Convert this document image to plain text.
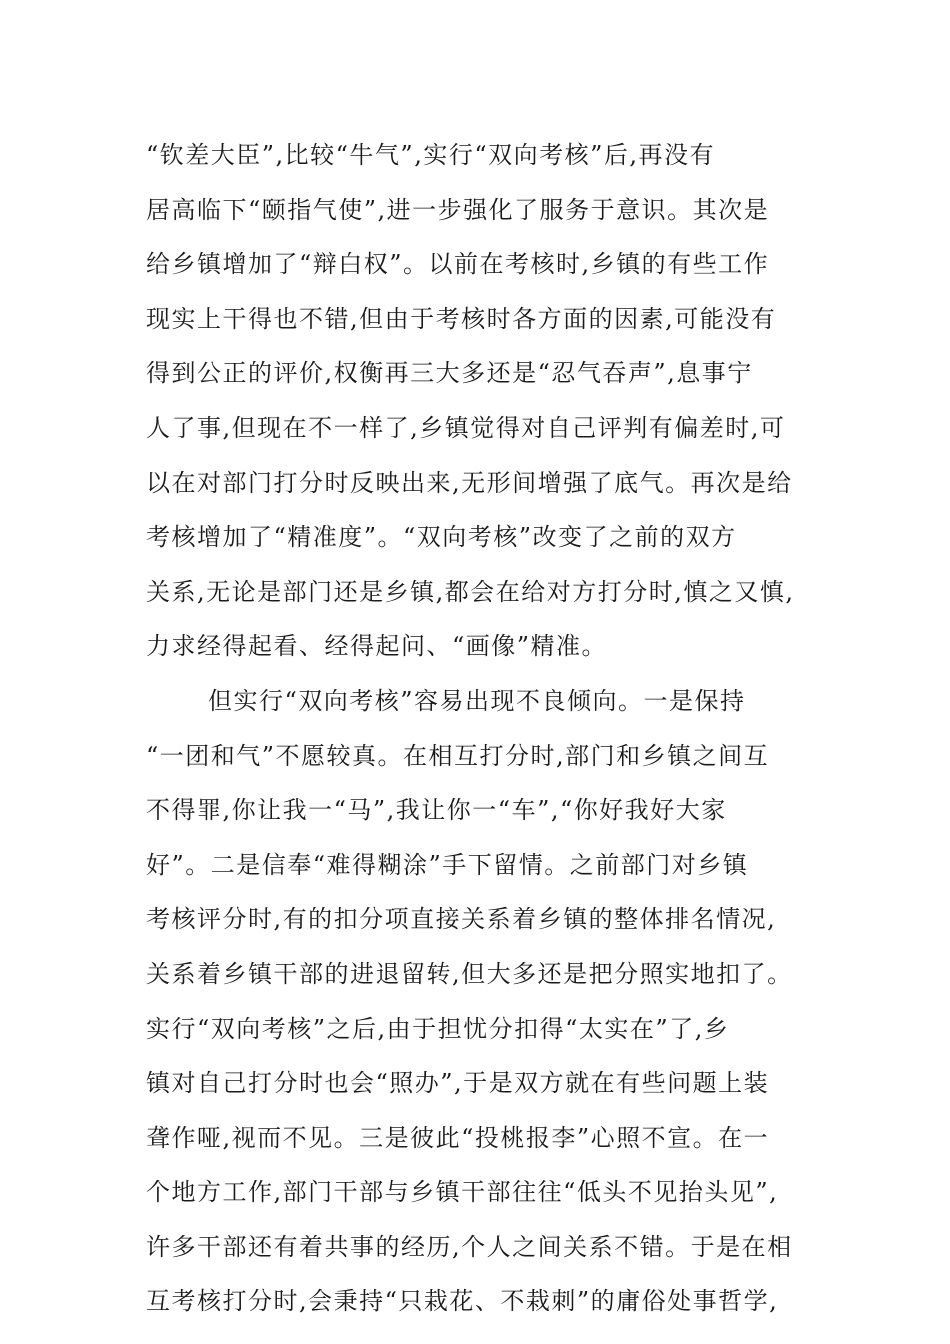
“钦差大臣”,比较“牛气”,实行“双向考核”后,再没有
居高临下“颐指气使”,进一步强化了服务于意识。其次是
给乡镇增加了“辩白权”。以前在考核时,乡镇的有些工作
现实上干得也不错,但由于考核时各方面的因素,可能没有
得到公正的评价,权衡再三大多还是“忍气吞声”,息事宁
人了事,但现在不一样了,乡镇觉得对自己评判有偏差时,可
以在对部门打分时反映出来,无形间增强了底气。再次是给
考核增加了“精准度”。“双向考核”改变了之前的双方
关系,无论是部门还是乡镇,都会在给对方打分时,慎之又慎,
力求经得起看、经得起问、“画像”精准。
但实行“双向考核”容易出现不良倾向。一是保持
“一团和气”不愿较真。在相互打分时,部门和乡镇之间互
不得罪,你让我一“马”,我让你一“车”,“你好我好大家
好”。二是信奉“难得糊涂”手下留情。之前部门对乡镇
考核评分时,有的扣分项直接关系着乡镇的整体排名情况,
关系着乡镇干部的进退留转,但大多还是把分照实地扣了。
实行“双向考核”之后,由于担忧分扣得“太实在”了,乡
镇对自己打分时也会“照办”,于是双方就在有些问题上装
聋作哑,视而不见。三是彼此“投桃报李”心照不宣。在一
个地方工作,部门干部与乡镇干部往往“低头不见抬头见”,
许多干部还有着共事的经历,个人之间关系不错。于是在相
互考核打分时,会秉持“只栽花、不栽刺”的庸俗处事哲学,
